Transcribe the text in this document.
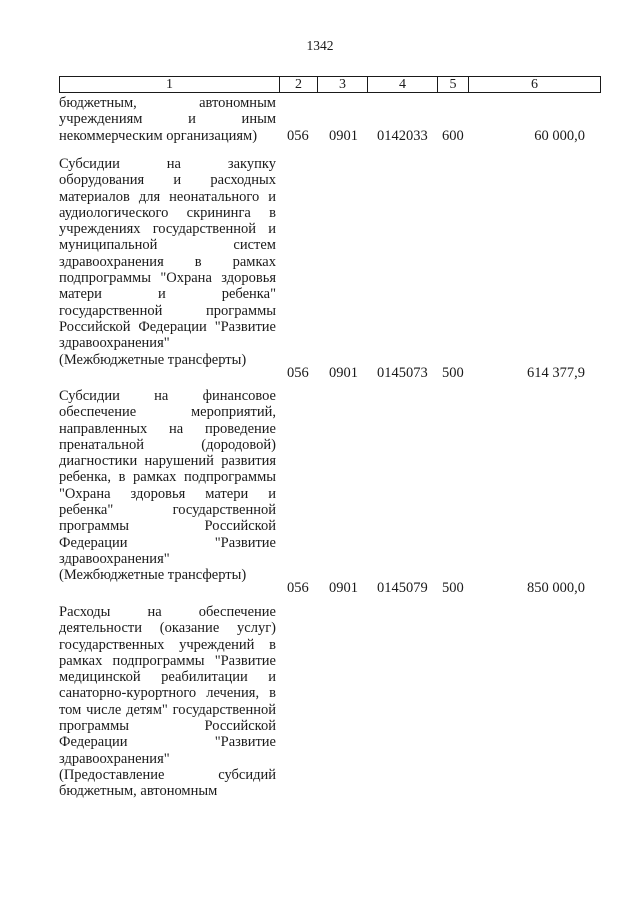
1342
1	2	3	4	5	6
бюджетным, автономным учреждениям и иным некоммерческим организациям)	056 0901 0142033 600	60 000,0
Субсидии на закупку оборудования и расходных материалов для неонатального и аудиологического скрининга в учреждениях государственной и муниципальной систем здравоохранения в рамках подпрограммы "Охрана здоровья матери и ребенка" государственной программы Российской Федерации "Развитие здравоохранения" (Межбюджетные трансферты)
056 0901 0145073 500	614 377,9
Субсидии на финансовое обеспечение мероприятий, направленных на проведение пренатальной (дородовой) диагностики нарушений развития ребенка, в рамках подпрограммы "Охрана здоровья матери и ребенка" государственной программы Российской Федерации "Развитие здравоохранения" (Межбюджетные трансферты)
056 0901 0145079 500	850 000,0
Расходы на обеспечение деятельности (оказание услуг) государственных учреждений в рамках подпрограммы "Развитие медицинской реабилитации и санаторно-курортного лечения, в том числе детям" государственной программы Российской Федерации "Развитие здравоохранения" (Предоставление субсидий бюджетным, автономным
